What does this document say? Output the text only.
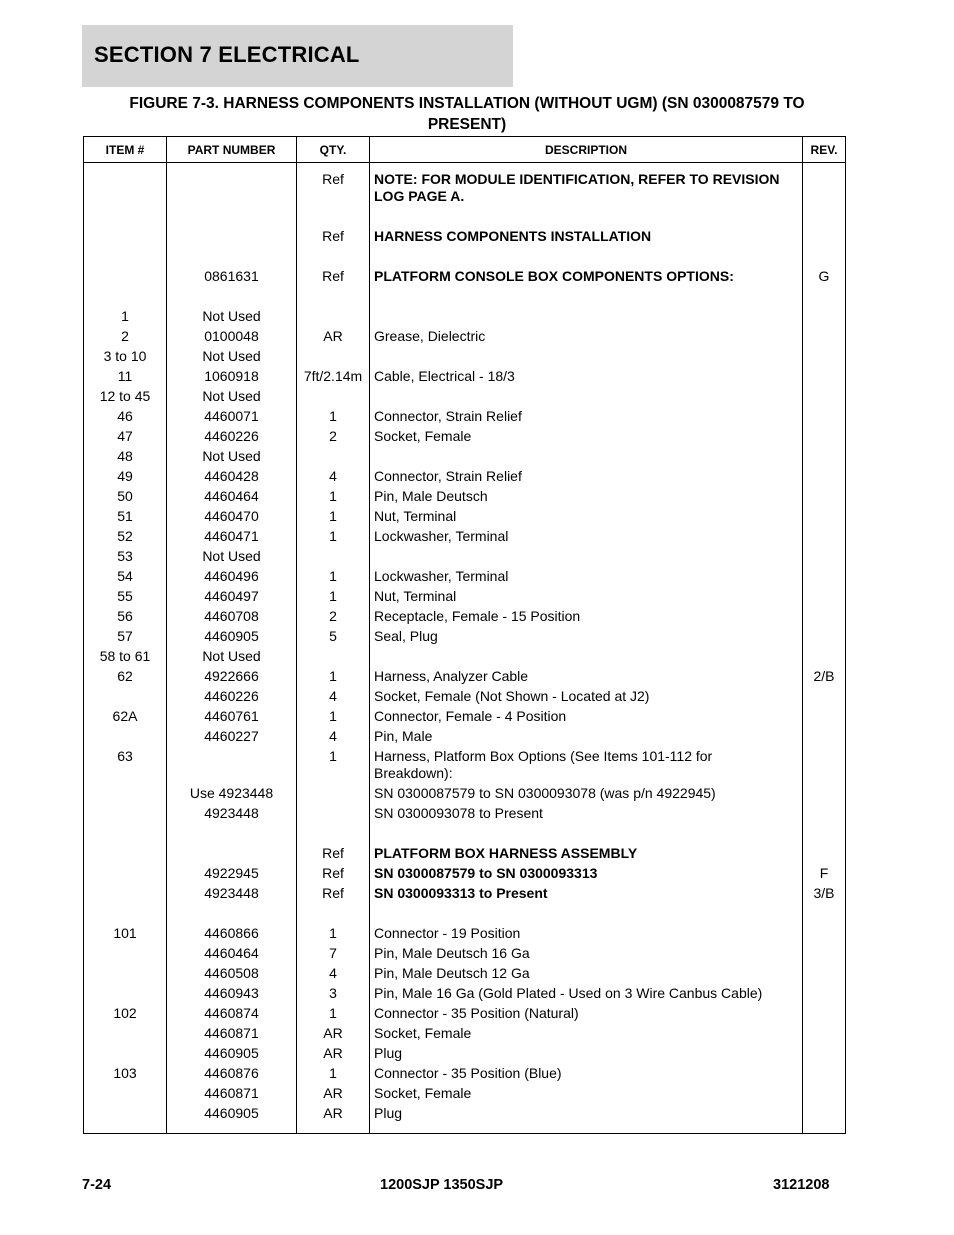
SECTION 7 ELECTRICAL
FIGURE 7-3. HARNESS COMPONENTS INSTALLATION (WITHOUT UGM) (SN 0300087579 TO
PRESENT)
ITEM #	PART NUMBER	QTY.	DESCRIPTION	REV.

		Ref	NOTE: FOR MODULE IDENTIFICATION, REFER TO REVISION LOG PAGE A.	

		Ref	HARNESS COMPONENTS INSTALLATION	

	0861631	Ref	PLATFORM CONSOLE BOX COMPONENTS OPTIONS:	G

1	Not Used			
2	0100048	AR	Grease, Dielectric	
3 to 10	Not Used			
11	1060918	7ft/2.14m	Cable, Electrical - 18/3	
12 to 45	Not Used			
46	4460071	1	Connector, Strain Relief	
47	4460226	2	Socket, Female	
48	Not Used			
49	4460428	4	Connector, Strain Relief	
50	4460464	1	Pin, Male Deutsch	
51	4460470	1	Nut, Terminal	
52	4460471	1	Lockwasher, Terminal	
53	Not Used			
54	4460496	1	Lockwasher, Terminal	
55	4460497	1	Nut, Terminal	
56	4460708	2	Receptacle, Female - 15 Position	
57	4460905	5	Seal, Plug	
58 to 61	Not Used			
62	4922666	1	Harness, Analyzer Cable	2/B
	4460226	4	Socket, Female (Not Shown - Located at J2)	
62A	4460761	1	Connector, Female - 4 Position	
	4460227	4	Pin, Male	
63		1	Harness, Platform Box Options (See Items 101-112 for Breakdown):	
	Use 4923448		SN 0300087579 to SN 0300093078 (was p/n 4922945)	
	4923448		SN 0300093078 to Present	

		Ref	PLATFORM BOX HARNESS ASSEMBLY	
	4922945	Ref	SN 0300087579 to SN 0300093313	F
	4923448	Ref	SN 0300093313 to Present	3/B

101	4460866	1	Connector - 19 Position	
	4460464	7	Pin, Male Deutsch 16 Ga	
	4460508	4	Pin, Male Deutsch 12 Ga	
	4460943	3	Pin, Male 16 Ga (Gold Plated - Used on 3 Wire Canbus Cable)	
102	4460874	1	Connector - 35 Position (Natural)	
	4460871	AR	Socket, Female	
	4460905	AR	Plug	
103	4460876	1	Connector - 35 Position (Blue)	
	4460871	AR	Socket, Female	
	4460905	AR	Plug	

7-24	1200SJP 1350SJP	3121208
